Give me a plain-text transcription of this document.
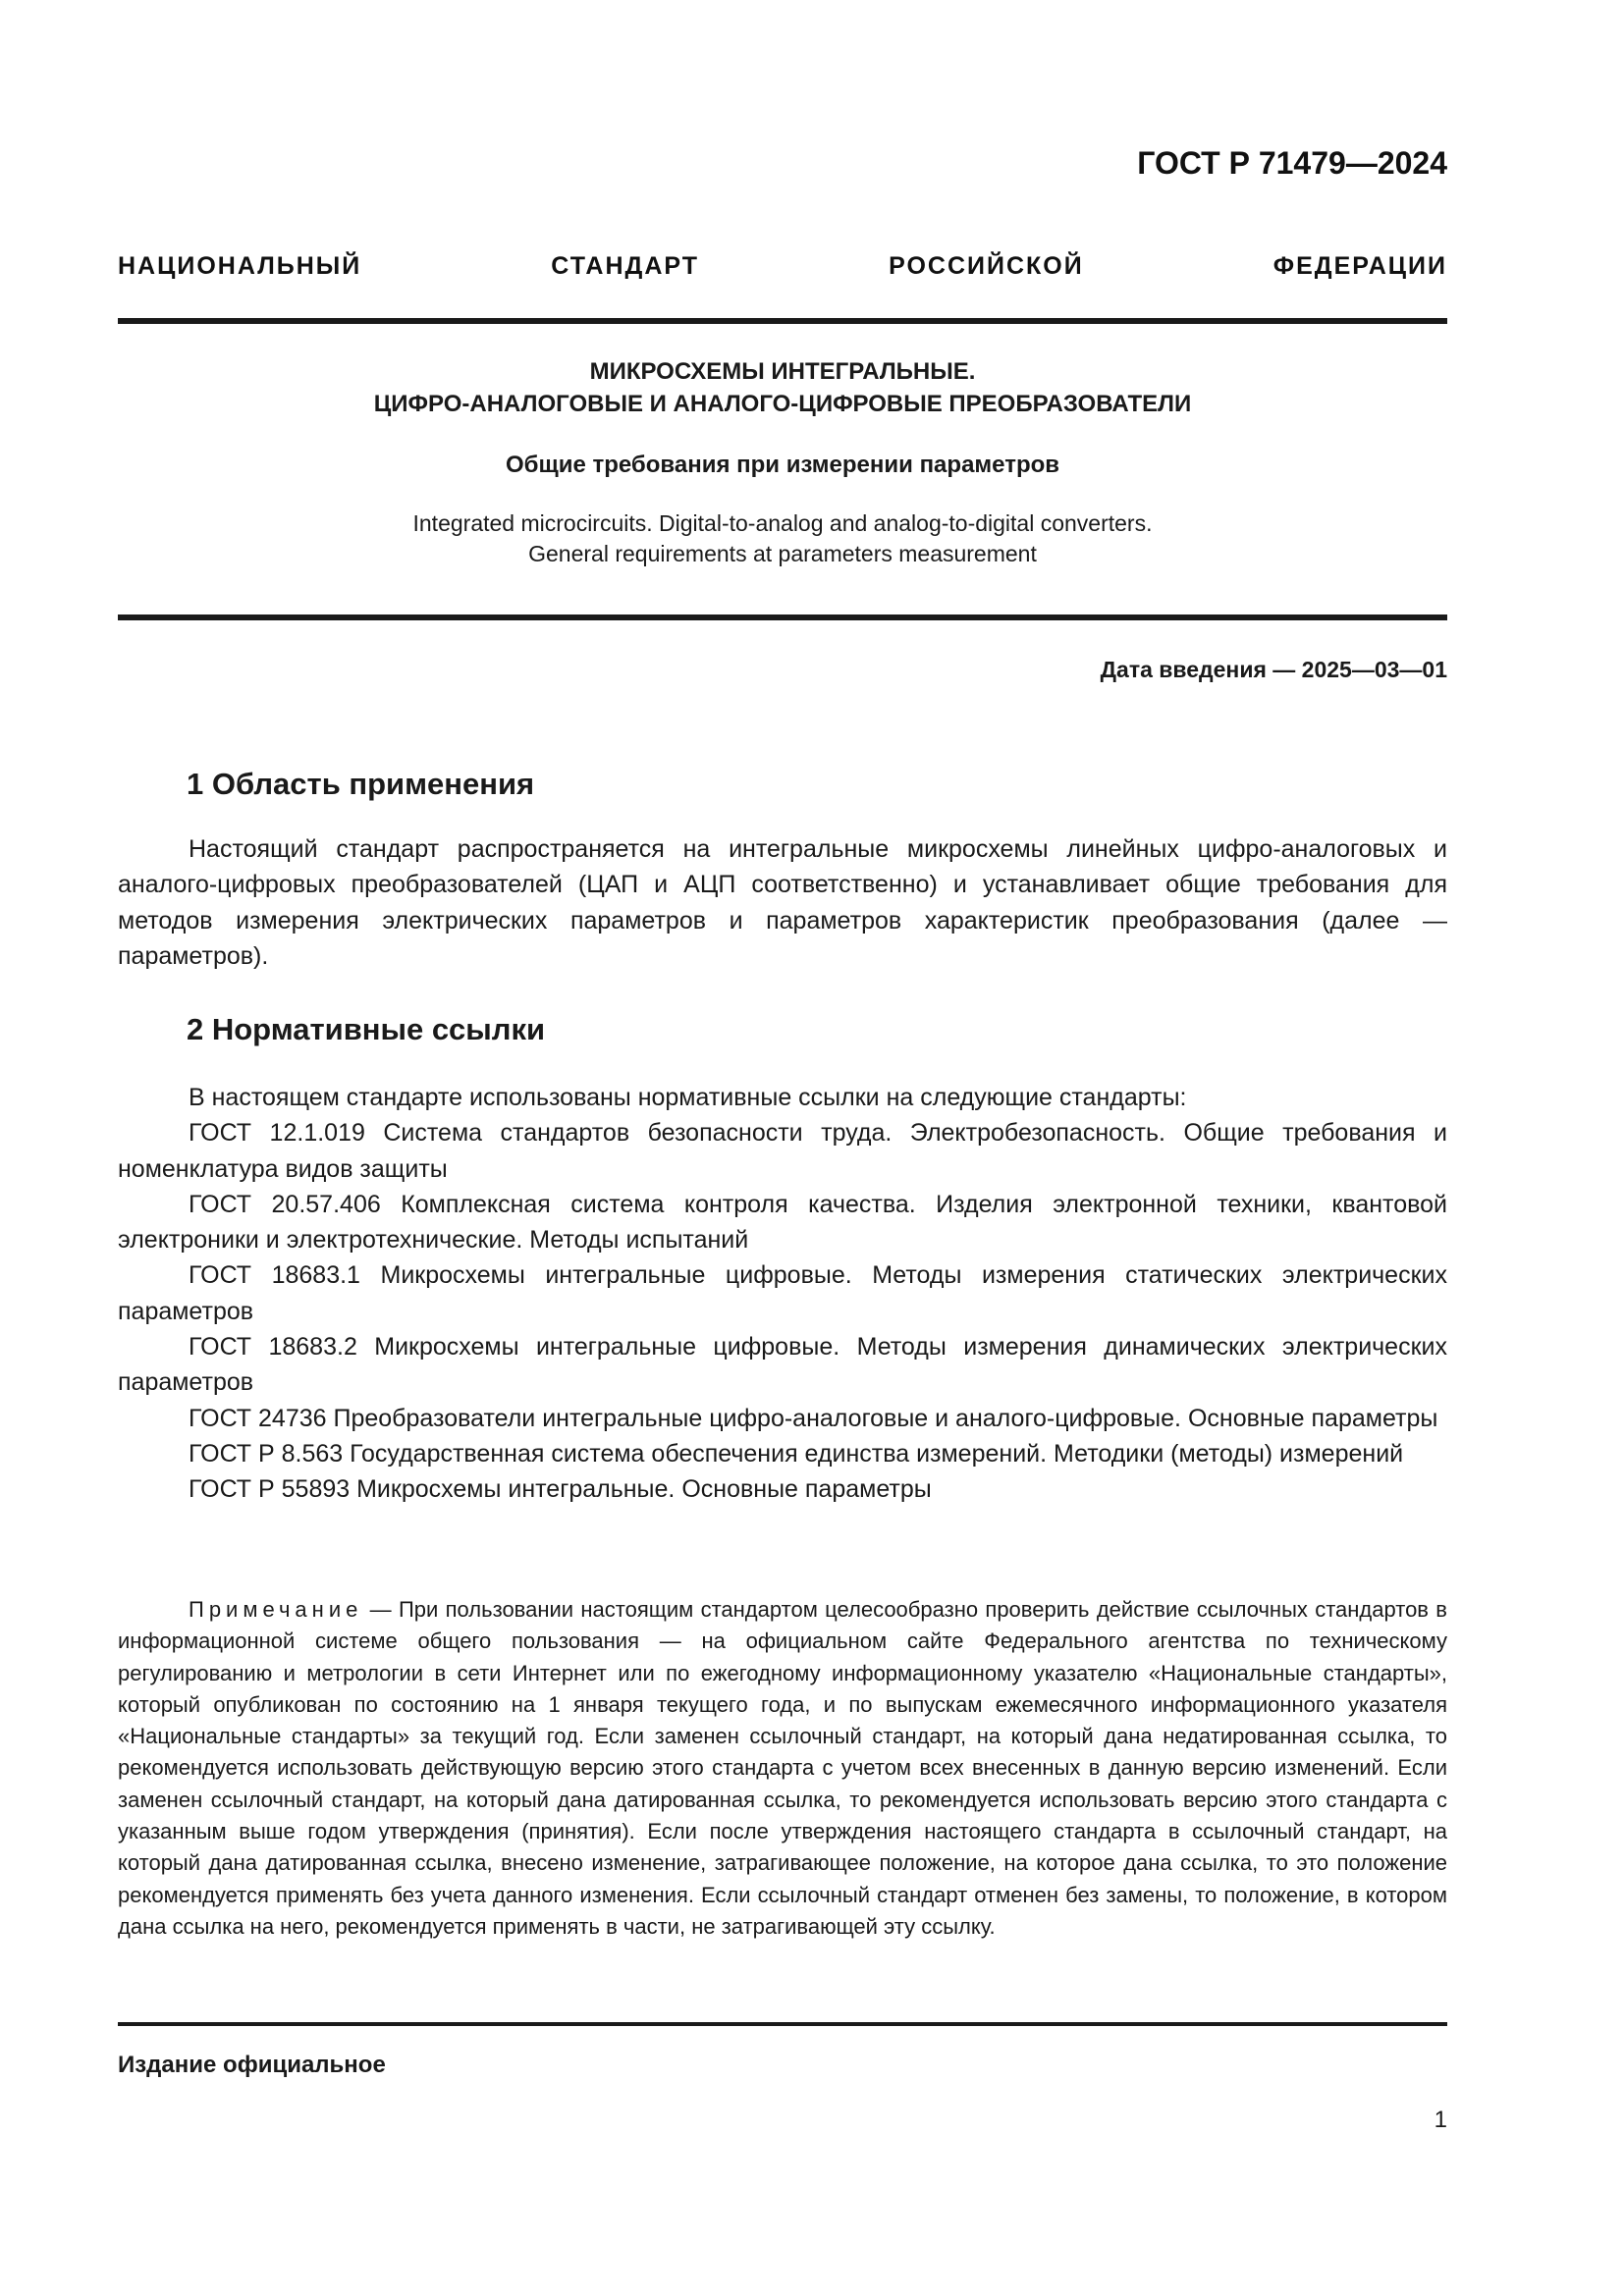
ГОСТ Р 71479—2024
НАЦИОНАЛЬНЫЙ СТАНДАРТ РОССИЙСКОЙ ФЕДЕРАЦИИ
МИКРОСХЕМЫ ИНТЕГРАЛЬНЫЕ.
ЦИФРО-АНАЛОГОВЫЕ И АНАЛОГО-ЦИФРОВЫЕ ПРЕОБРАЗОВАТЕЛИ
Общие требования при измерении параметров
Integrated microcircuits. Digital-to-analog and analog-to-digital converters.
General requirements at parameters measurement
Дата введения — 2025—03—01
1 Область применения
Настоящий стандарт распространяется на интегральные микросхемы линейных цифро-аналоговых и аналого-цифровых преобразователей (ЦАП и АЦП соответственно) и устанавливает общие требования для методов измерения электрических параметров и параметров характеристик преобразования (далее — параметров).
2 Нормативные ссылки
В настоящем стандарте использованы нормативные ссылки на следующие стандарты:
ГОСТ 12.1.019 Система стандартов безопасности труда. Электробезопасность. Общие требования и номенклатура видов защиты
ГОСТ 20.57.406 Комплексная система контроля качества. Изделия электронной техники, квантовой электроники и электротехнические. Методы испытаний
ГОСТ 18683.1 Микросхемы интегральные цифровые. Методы измерения статических электрических параметров
ГОСТ 18683.2 Микросхемы интегральные цифровые. Методы измерения динамических электрических параметров
ГОСТ 24736 Преобразователи интегральные цифро-аналоговые и аналого-цифровые. Основные параметры
ГОСТ Р 8.563 Государственная система обеспечения единства измерений. Методики (методы) измерений
ГОСТ Р 55893 Микросхемы интегральные. Основные параметры
Примечание — При пользовании настоящим стандартом целесообразно проверить действие ссылочных стандартов в информационной системе общего пользования — на официальном сайте Федерального агентства по техническому регулированию и метрологии в сети Интернет или по ежегодному информационному указателю «Национальные стандарты», который опубликован по состоянию на 1 января текущего года, и по выпускам ежемесячного информационного указателя «Национальные стандарты» за текущий год. Если заменен ссылочный стандарт, на который дана недатированная ссылка, то рекомендуется использовать действующую версию этого стандарта с учетом всех внесенных в данную версию изменений. Если заменен ссылочный стандарт, на который дана датированная ссылка, то рекомендуется использовать версию этого стандарта с указанным выше годом утверждения (принятия). Если после утверждения настоящего стандарта в ссылочный стандарт, на который дана датированная ссылка, внесено изменение, затрагивающее положение, на которое дана ссылка, то это положение рекомендуется применять без учета данного изменения. Если ссылочный стандарт отменен без замены, то положение, в котором дана ссылка на него, рекомендуется применять в части, не затрагивающей эту ссылку.
Издание официальное
1
